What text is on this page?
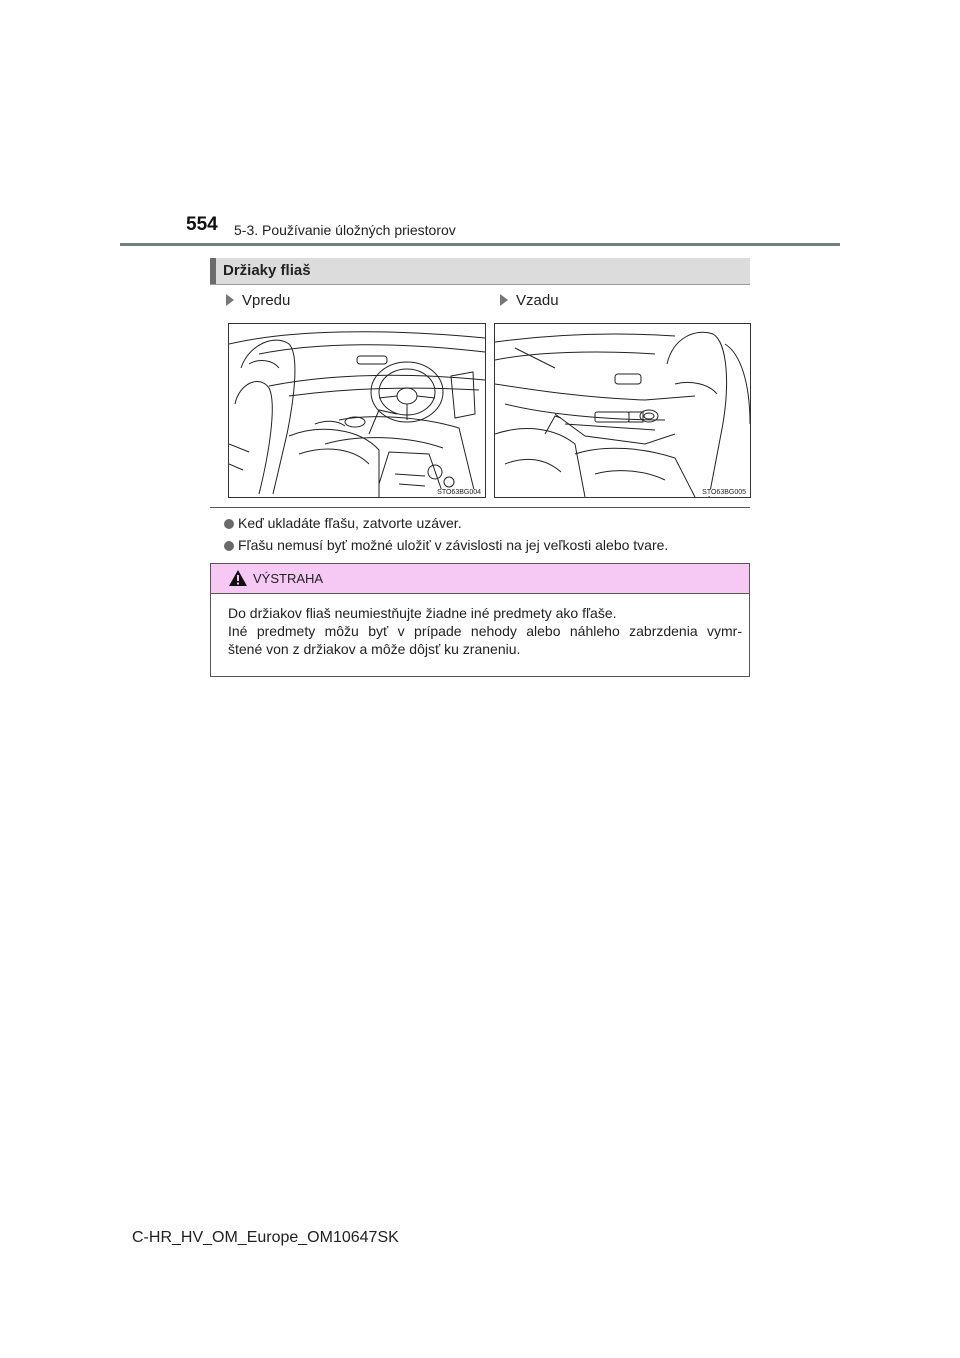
554 5-3. Používanie úložných priestorov
Držiaky fliaš
Vpredu	Vzadu
STO63BG004	STO63BG005
Keď ukladáte fľašu, zatvorte uzáver.
Fľašu nemusí byť možné uložiť v závislosti na jej veľkosti alebo tvare.
VÝSTRAHA
Do držiakov fliaš neumiestňujte žiadne iné predmety ako fľaše.
Iné predmety môžu byť v prípade nehody alebo náhleho zabrzdenia vymr-
štené von z držiakov a môže dôjsť ku zraneniu.
C-HR_HV_OM_Europe_OM10647SK
